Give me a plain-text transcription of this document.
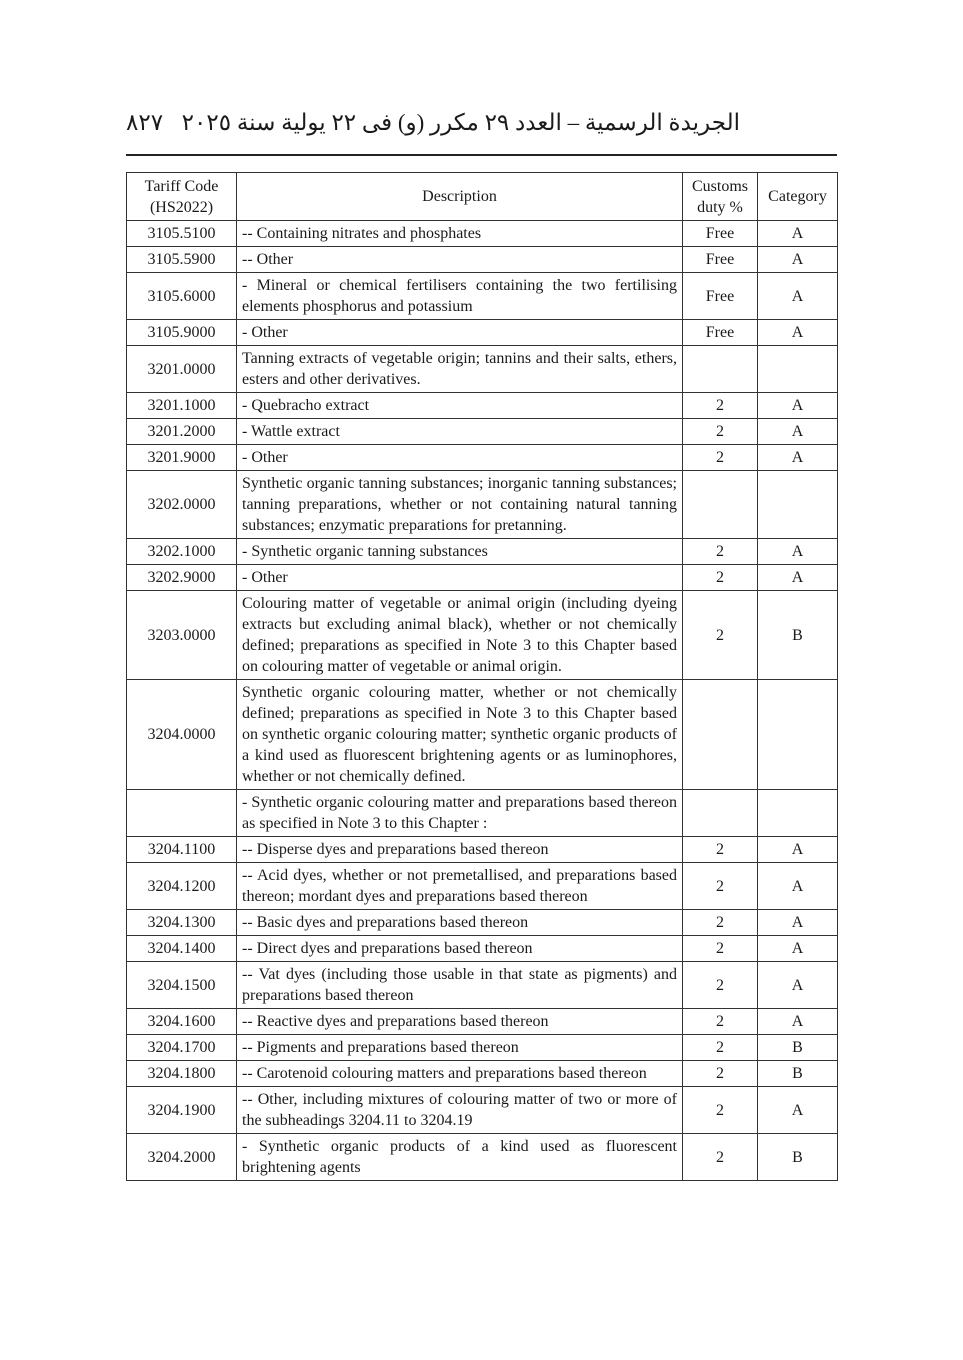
٨٢٧ الجريدة الرسمية – العدد ٢٩ مكرر (و) فى ٢٢ يولية سنة ٢٠٢٥
Tariff Code (HS2022)	Description	Customs duty %	Category
3105.5100	-- Containing nitrates and phosphates	Free	A
3105.5900	-- Other	Free	A
3105.6000	- Mineral or chemical fertilisers containing the two fertilising elements phosphorus and potassium	Free	A
3105.9000	- Other	Free	A
3201.0000	Tanning extracts of vegetable origin; tannins and their salts, ethers, esters and other derivatives.		
3201.1000	- Quebracho extract	2	A
3201.2000	- Wattle extract	2	A
3201.9000	- Other	2	A
3202.0000	Synthetic organic tanning substances; inorganic tanning substances; tanning preparations, whether or not containing natural tanning substances; enzymatic preparations for pretanning.		
3202.1000	- Synthetic organic tanning substances	2	A
3202.9000	- Other	2	A
3203.0000	Colouring matter of vegetable or animal origin (including dyeing extracts but excluding animal black), whether or not chemically defined; preparations as specified in Note 3 to this Chapter based on colouring matter of vegetable or animal origin.	2	B
3204.0000	Synthetic organic colouring matter, whether or not chemically defined; preparations as specified in Note 3 to this Chapter based on synthetic organic colouring matter; synthetic organic products of a kind used as fluorescent brightening agents or as luminophores, whether or not chemically defined.		
	- Synthetic organic colouring matter and preparations based thereon as specified in Note 3 to this Chapter :		
3204.1100	-- Disperse dyes and preparations based thereon	2	A
3204.1200	-- Acid dyes, whether or not premetallised, and preparations based thereon; mordant dyes and preparations based thereon	2	A
3204.1300	-- Basic dyes and preparations based thereon	2	A
3204.1400	-- Direct dyes and preparations based thereon	2	A
3204.1500	-- Vat dyes (including those usable in that state as pigments) and preparations based thereon	2	A
3204.1600	-- Reactive dyes and preparations based thereon	2	A
3204.1700	-- Pigments and preparations based thereon	2	B
3204.1800	-- Carotenoid colouring matters and preparations based thereon	2	B
3204.1900	-- Other, including mixtures of colouring matter of two or more of the subheadings 3204.11 to 3204.19	2	A
3204.2000	- Synthetic organic products of a kind used as fluorescent brightening agents	2	B
